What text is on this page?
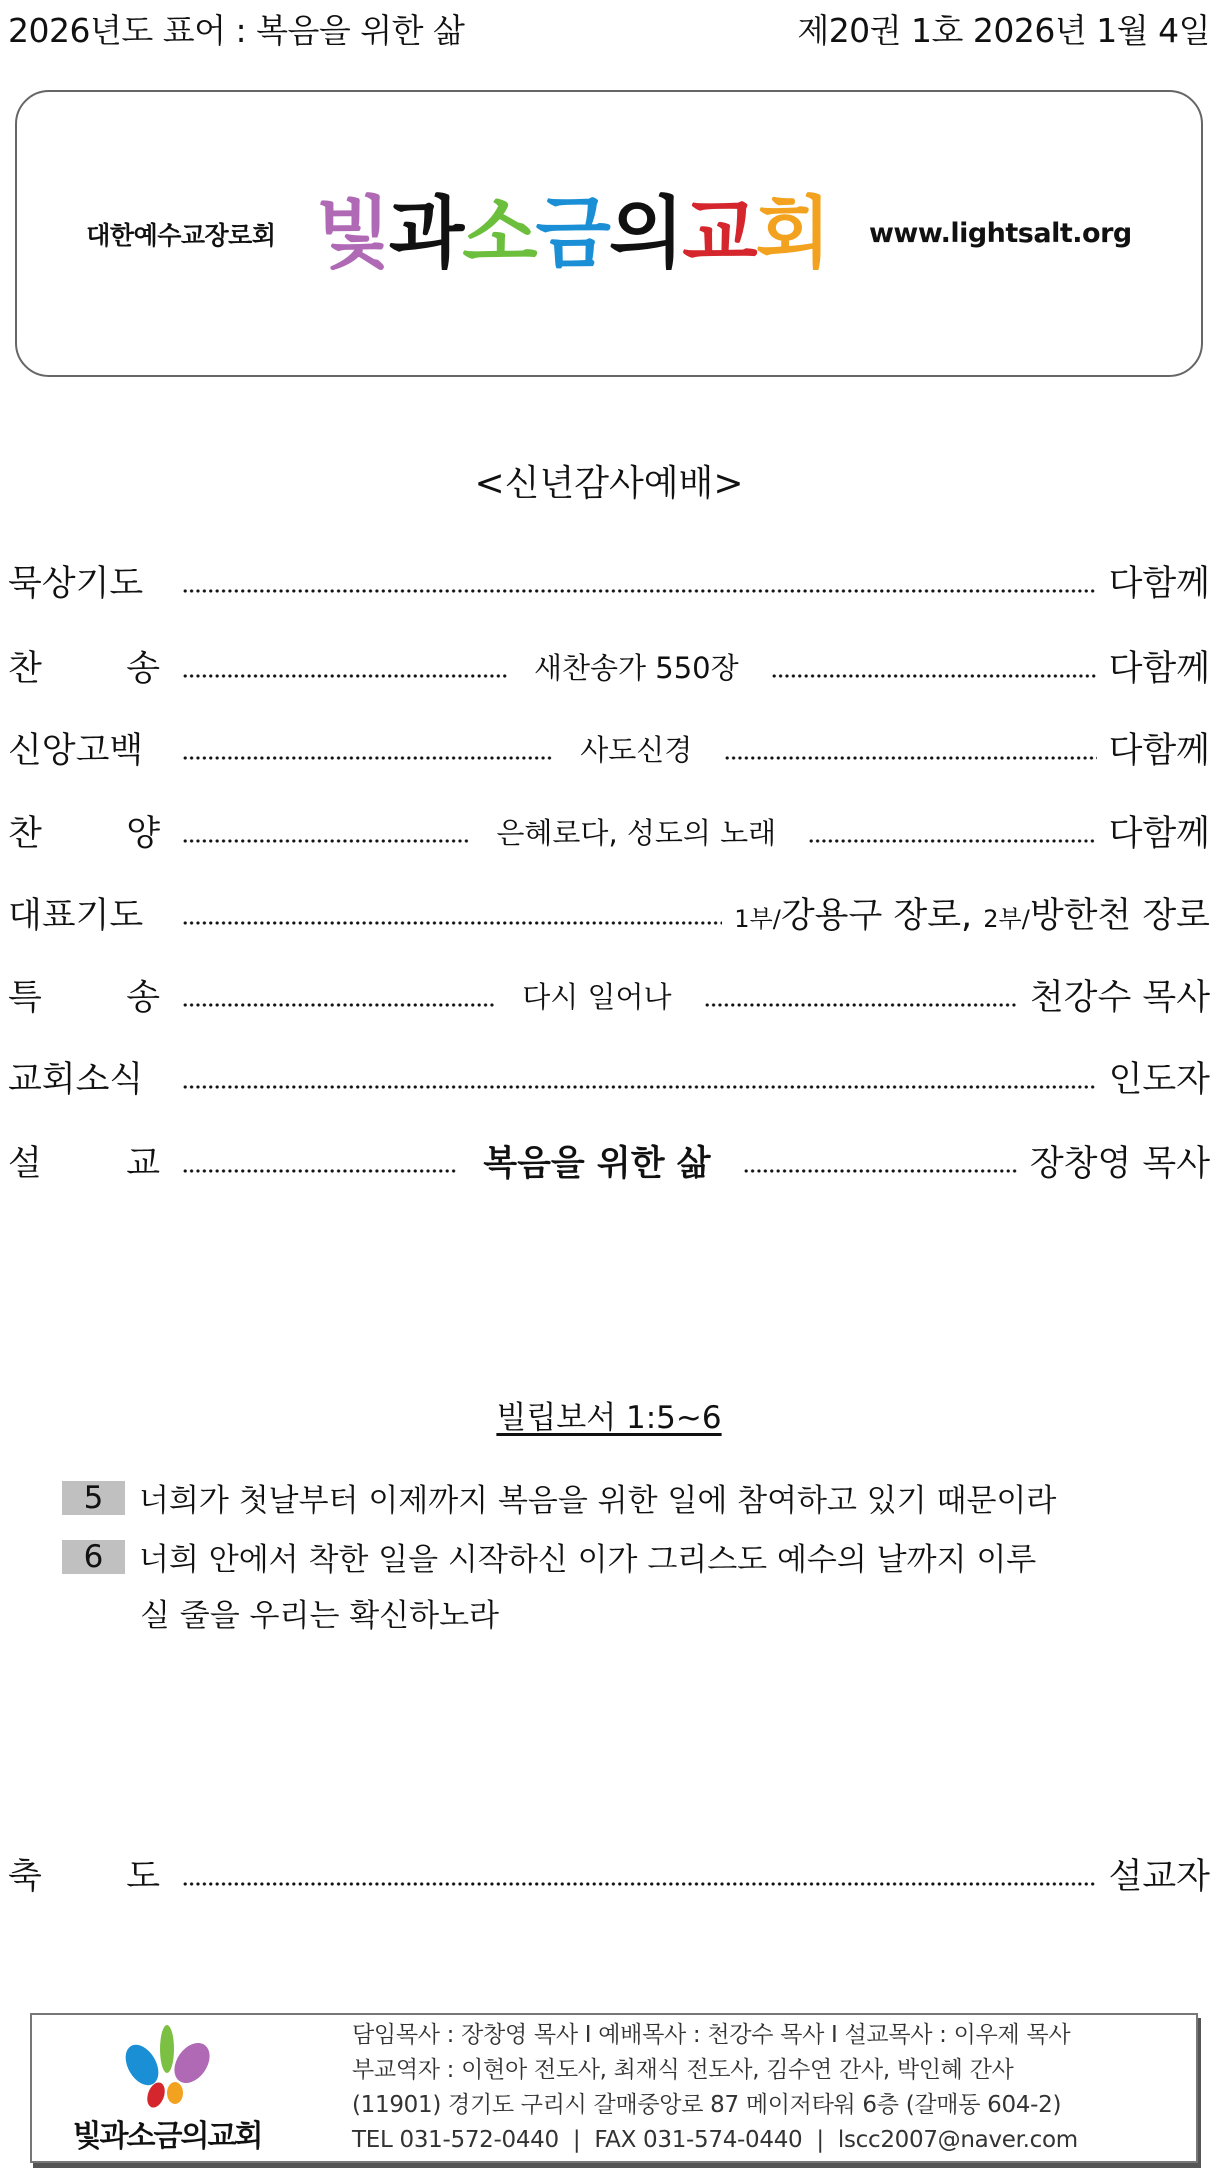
2026년도 표어 : 복음을 위한 삶	제20권 1호 2026년 1월 4일
대한예수교장로회 빛 과 소 금 의 교 회 www.lightsalt.org
<신년감사예배>
묵상기도	다함께
찬 송	새찬송가 550장	다함께
신앙고백	사도신경	다함께
찬 양	은혜로다, 성도의 노래	다함께
대표기도	1부/강용구 장로, 2부/방한천 장로
특 송	다시 일어나	천강수 목사
교회소식	인도자
설 교	복음을 위한 삶	장창영 목사
빌립보서 1:5~6
5	너희가 첫날부터 이제까지 복음을 위한 일에 참여하고 있기 때문이라
6	너희 안에서 착한 일을 시작하신 이가 그리스도 예수의 날까지 이루
실 줄을 우리는 확신하노라
축 도	설교자
빛과소금의교회
담임목사 : 장창영 목사 I 예배목사 : 천강수 목사 I 설교목사 : 이우제 목사
부교역자 : 이현아 전도사, 최재식 전도사, 김수연 간사, 박인혜 간사
(11901) 경기도 구리시 갈매중앙로 87 메이저타워 6층 (갈매동 604-2)
TEL 031-572-0440  |  FAX 031-574-0440  |  lscc2007@naver.com
